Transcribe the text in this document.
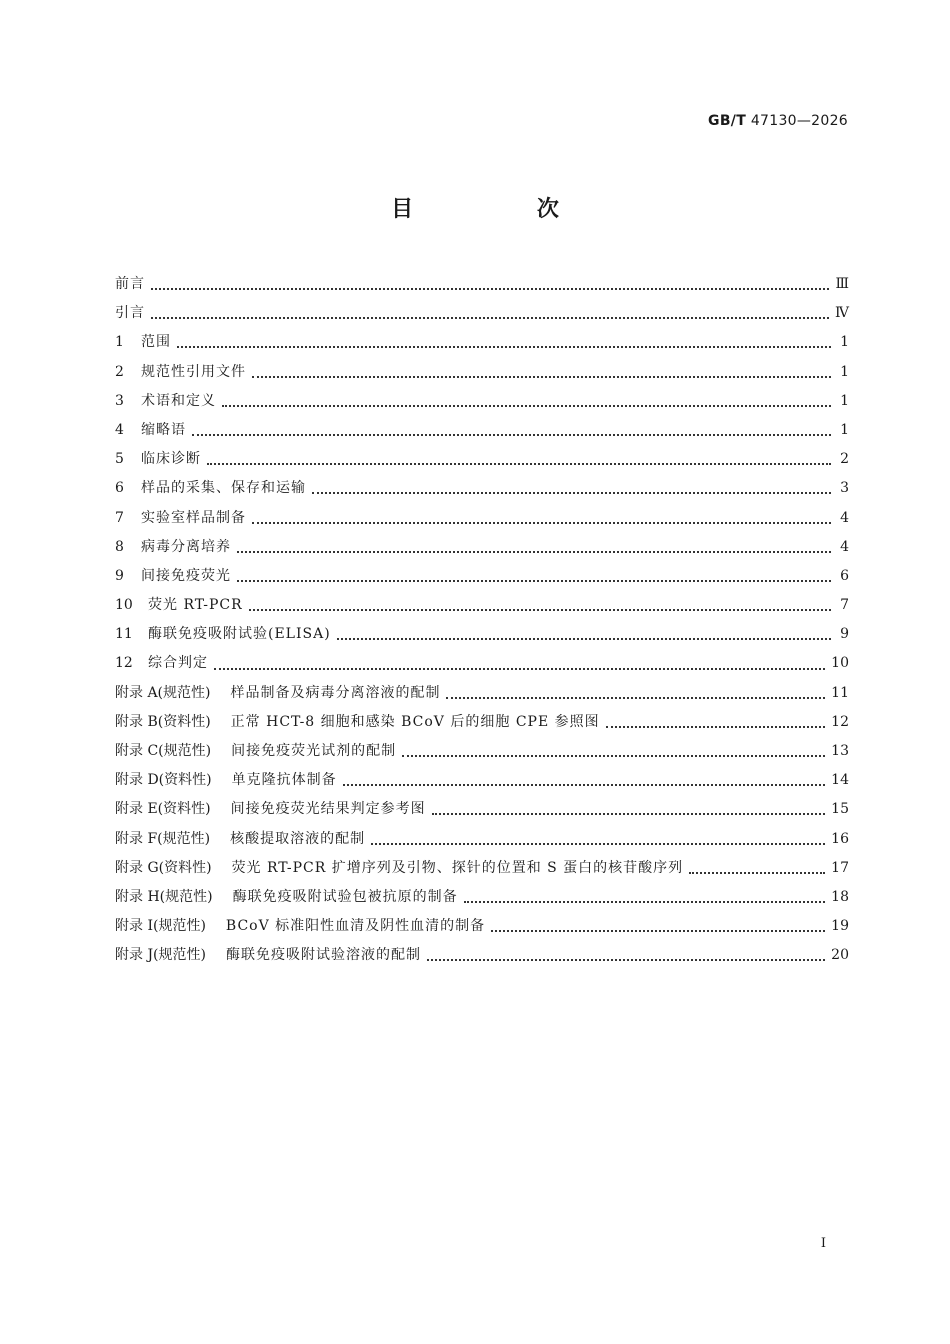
GB/T 47130—2026
目 次
前言	Ⅲ
引言	Ⅳ
1	范围	1
2	规范性引用文件	1
3	术语和定义	1
4	缩略语	1
5	临床诊断	2
6	样品的采集、保存和运输	3
7	实验室样品制备	4
8	病毒分离培养	4
9	间接免疫荧光	6
10	荧光 RT-PCR	7
11	酶联免疫吸附试验(ELISA)	9
12	综合判定	10
附录 A(规范性) 样品制备及病毒分离溶液的配制	11
附录 B(资料性) 正常 HCT-8 细胞和感染 BCoV 后的细胞 CPE 参照图	12
附录 C(规范性) 间接免疫荧光试剂的配制	13
附录 D(资料性) 单克隆抗体制备	14
附录 E(资料性) 间接免疫荧光结果判定参考图	15
附录 F(规范性) 核酸提取溶液的配制	16
附录 G(资料性) 荧光 RT-PCR 扩增序列及引物、探针的位置和 S 蛋白的核苷酸序列	17
附录 H(规范性) 酶联免疫吸附试验包被抗原的制备	18
附录 I(规范性) BCoV 标准阳性血清及阴性血清的制备	19
附录 J(规范性) 酶联免疫吸附试验溶液的配制	20
I
